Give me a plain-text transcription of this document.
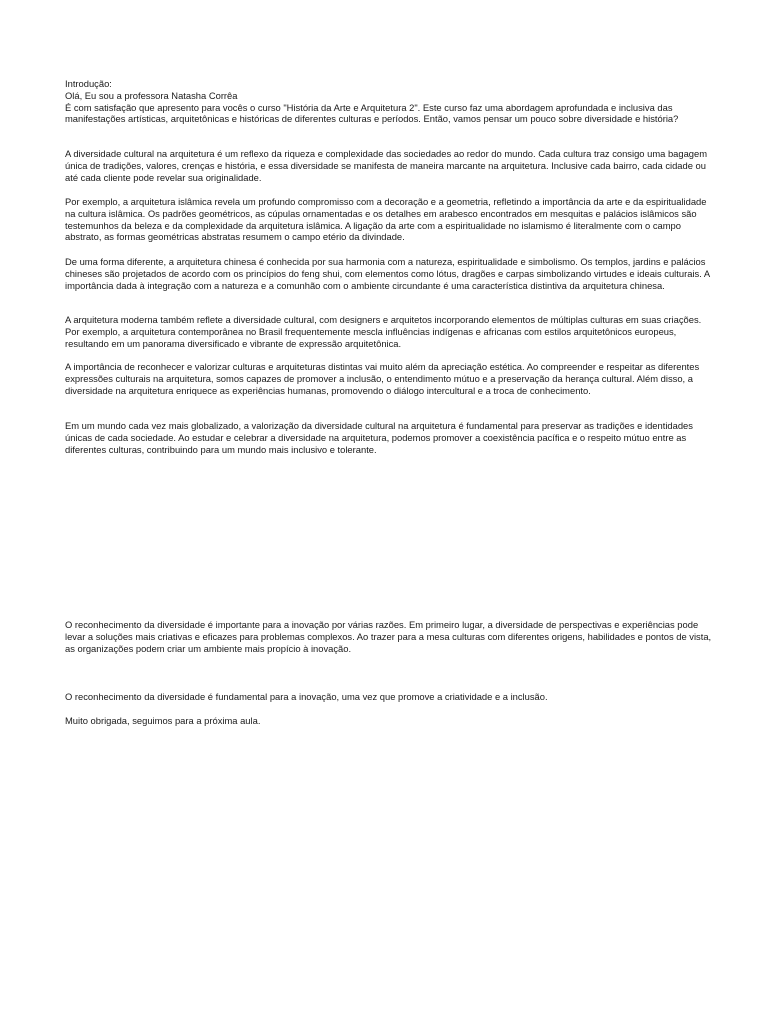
Introdução:

Olá, Eu sou a professora Natasha Corrêa

É com satisfação que apresento para vocês o curso "História da Arte e Arquitetura 2". Este curso faz uma abordagem aprofundada e inclusiva das manifestações artísticas, arquitetônicas e históricas de diferentes culturas e períodos. Então, vamos pensar um pouco sobre diversidade e história?

A diversidade cultural na arquitetura é um reflexo da riqueza e complexidade das sociedades ao redor do mundo. Cada cultura traz consigo uma bagagem única de tradições, valores, crenças e história, e essa diversidade se manifesta de maneira marcante na arquitetura. Inclusive cada bairro, cada cidade ou até cada cliente pode revelar sua originalidade.

Por exemplo, a arquitetura islâmica revela um profundo compromisso com a decoração e a geometria, refletindo a importância da arte e da espiritualidade na cultura islâmica. Os padrões geométricos, as cúpulas ornamentadas e os detalhes em arabesco encontrados em mesquitas e palácios islâmicos são testemunhos da beleza e da complexidade da arquitetura islâmica. A ligação da arte com a espiritualidade no islamismo é literalmente com o campo abstrato, as formas geométricas abstratas resumem o campo etério da divindade.

De uma forma diferente, a arquitetura chinesa é conhecida por sua harmonia com a natureza, espiritualidade e simbolismo. Os templos, jardins e palácios chineses são projetados de acordo com os princípios do feng shui, com elementos como lótus, dragões e carpas simbolizando virtudes e ideais culturais. A importância dada à integração com a natureza e a comunhão com o ambiente circundante é uma característica distintiva da arquitetura chinesa.

A arquitetura moderna também reflete a diversidade cultural, com designers e arquitetos incorporando elementos de múltiplas culturas em suas criações. Por exemplo, a arquitetura contemporânea no Brasil frequentemente mescla influências indígenas e africanas com estilos arquitetônicos europeus, resultando em um panorama diversificado e vibrante de expressão arquitetônica.

A importância de reconhecer e valorizar culturas e arquiteturas distintas vai muito além da apreciação estética. Ao compreender e respeitar as diferentes expressões culturais na arquitetura, somos capazes de promover a inclusão, o entendimento mútuo e a preservação da herança cultural. Além disso, a diversidade na arquitetura enriquece as experiências humanas, promovendo o diálogo intercultural e a troca de conhecimento.

Em um mundo cada vez mais globalizado, a valorização da diversidade cultural na arquitetura é fundamental para preservar as tradições e identidades únicas de cada sociedade. Ao estudar e celebrar a diversidade na arquitetura, podemos promover a coexistência pacífica e o respeito mútuo entre as diferentes culturas, contribuindo para um mundo mais inclusivo e tolerante.

O reconhecimento da diversidade é importante para a inovação por várias razões. Em primeiro lugar, a diversidade de perspectivas e experiências pode levar a soluções mais criativas e eficazes para problemas complexos. Ao trazer para a mesa culturas com diferentes origens, habilidades e pontos de vista, as organizações podem criar um ambiente mais propício à inovação.

O reconhecimento da diversidade é fundamental para a inovação, uma vez que promove a criatividade e a inclusão.

Muito obrigada, seguimos para a próxima aula.
